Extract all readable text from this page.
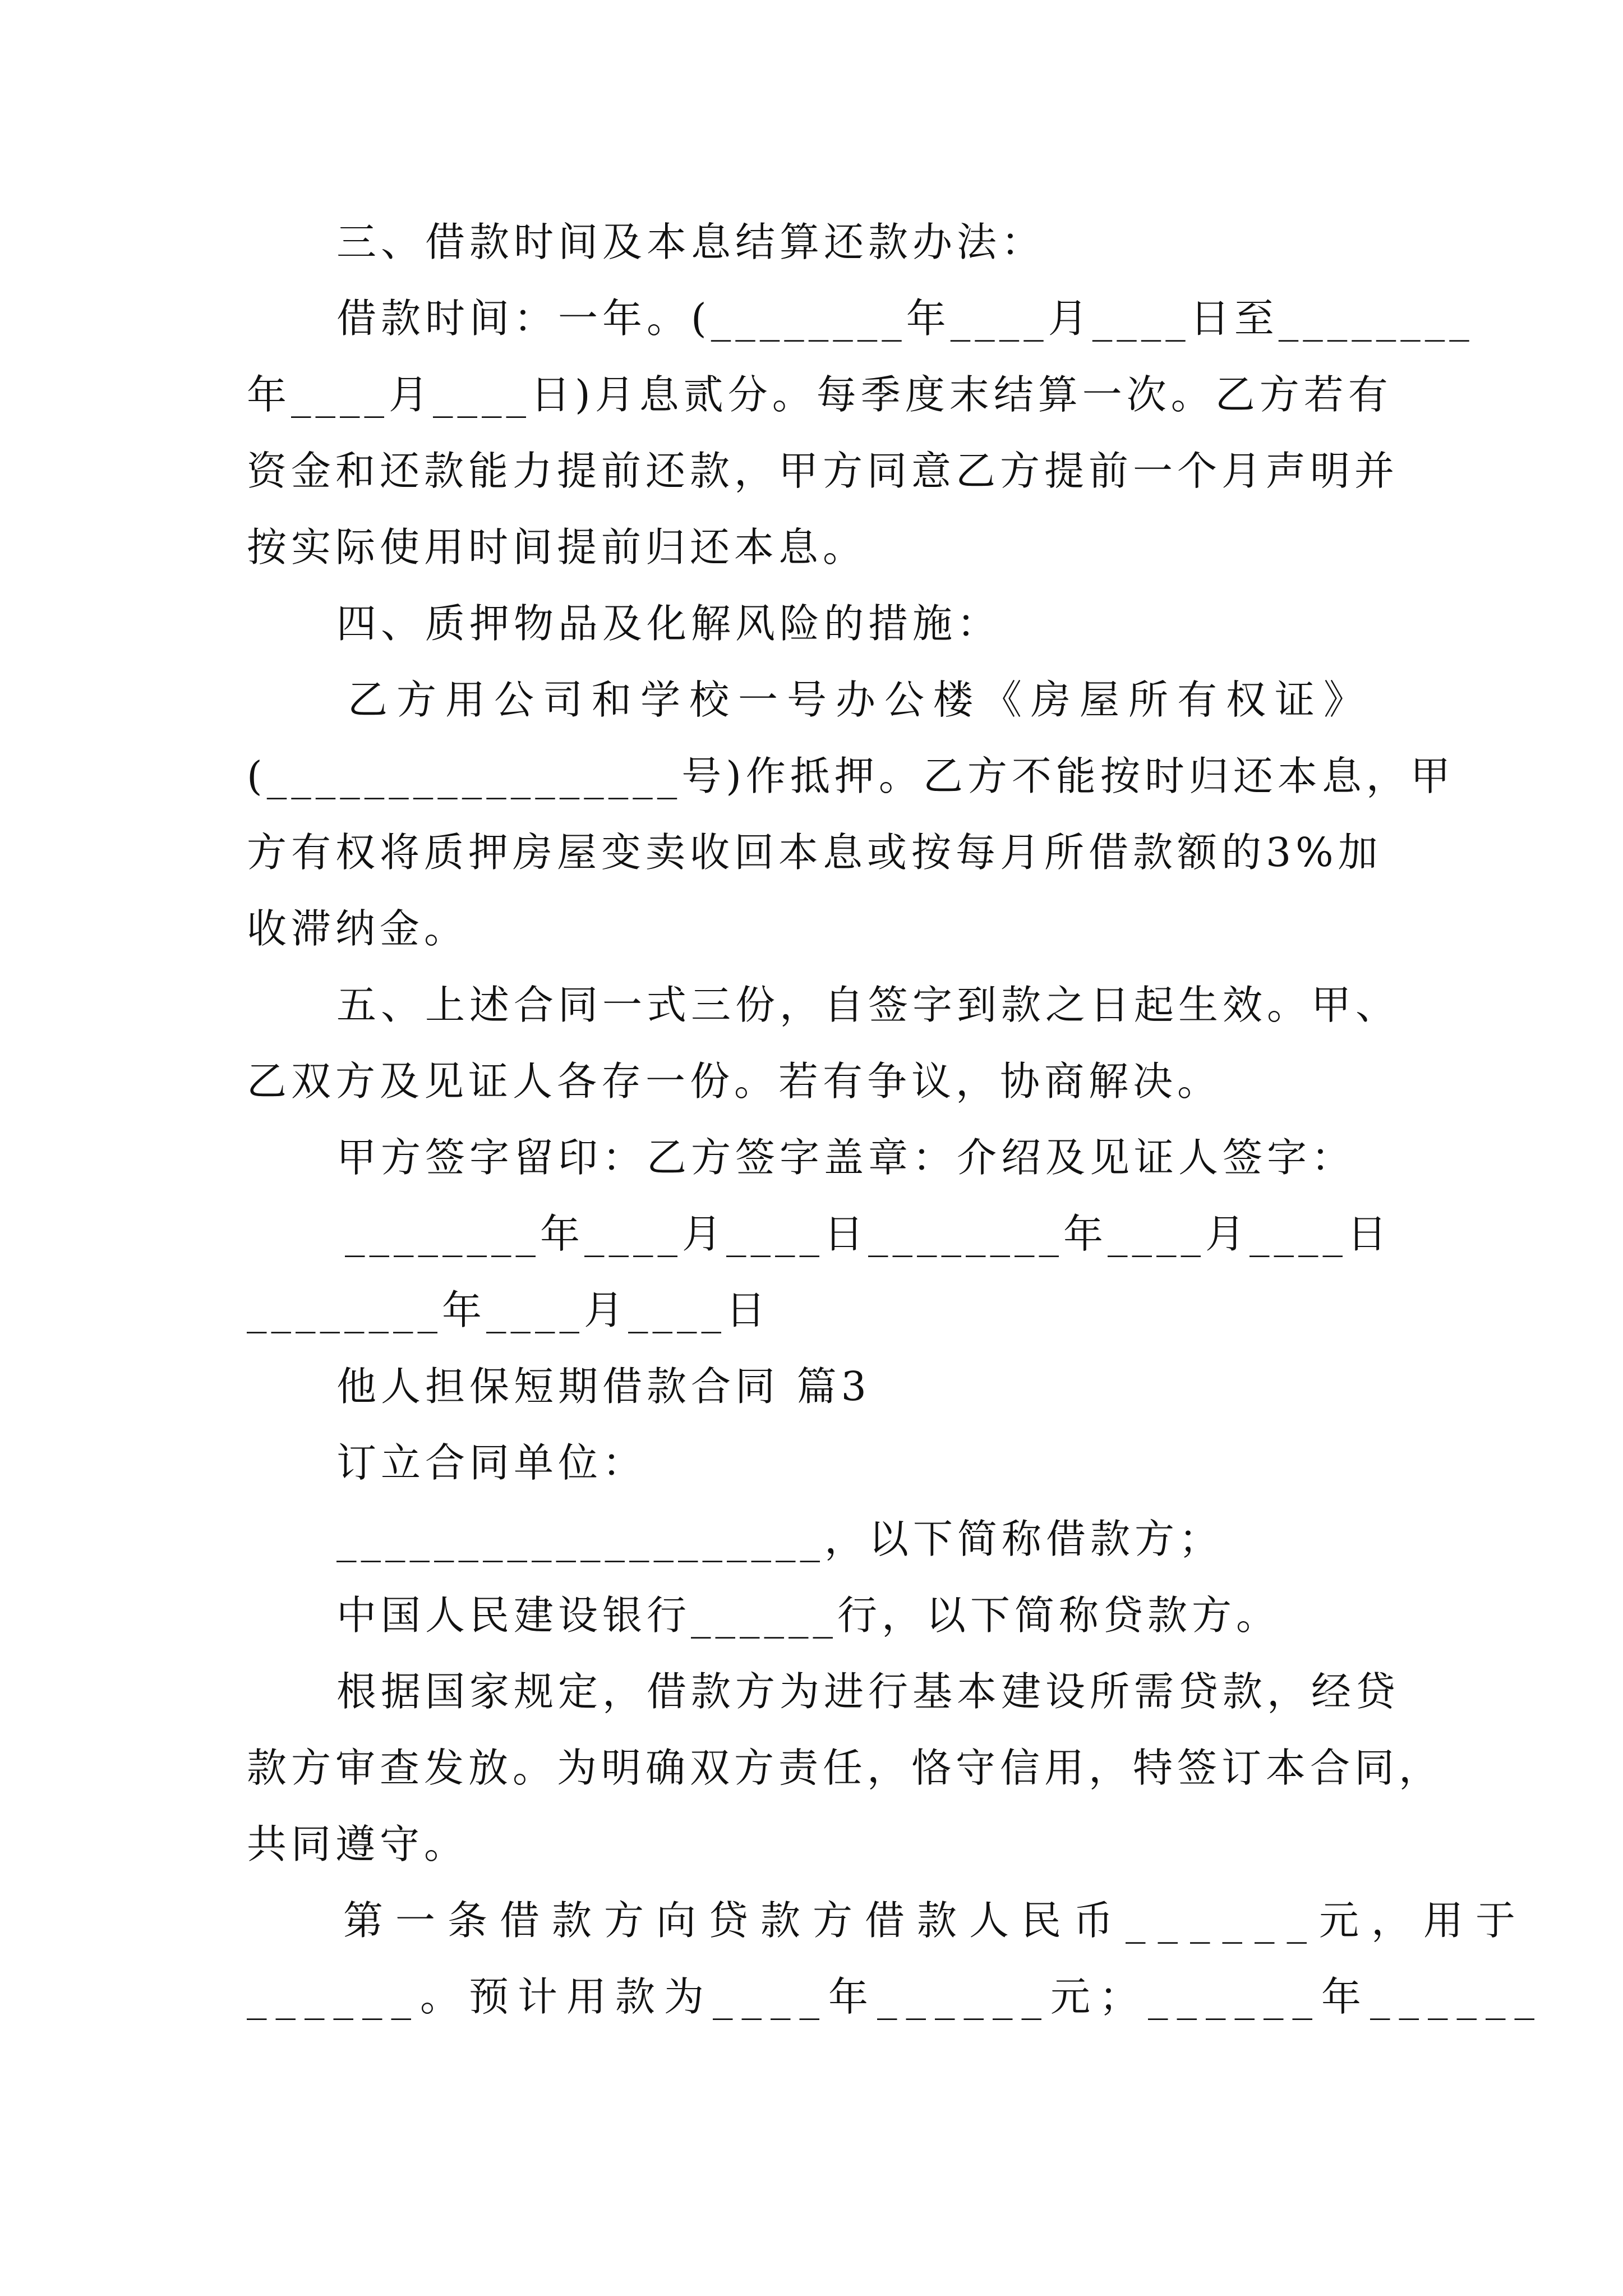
三、借款时间及本息结算还款办法：
借款时间：一年。(________年____月____日至________
年____月____日)月息贰分。每季度末结算一次。乙方若有
资金和还款能力提前还款，甲方同意乙方提前一个月声明并
按实际使用时间提前归还本息。
四、质押物品及化解风险的措施：
乙方用公司和学校一号办公楼《房屋所有权证》
(_________________号)作抵押。乙方不能按时归还本息，甲
方有权将质押房屋变卖收回本息或按每月所借款额的3%加
收滞纳金。
五、上述合同一式三份，自签字到款之日起生效。甲、
乙双方及见证人各存一份。若有争议，协商解决。
甲方签字留印：乙方签字盖章：介绍及见证人签字：
________年____月____日________年____月____日
________年____月____日
他人担保短期借款合同 篇3
订立合同单位：
____________________，以下简称借款方；
中国人民建设银行______行，以下简称贷款方。
根据国家规定，借款方为进行基本建设所需贷款，经贷
款方审查发放。为明确双方责任，恪守信用，特签订本合同，
共同遵守。
第一条借款方向贷款方借款人民币______元，用于
______。预计用款为____年______元；______年______
